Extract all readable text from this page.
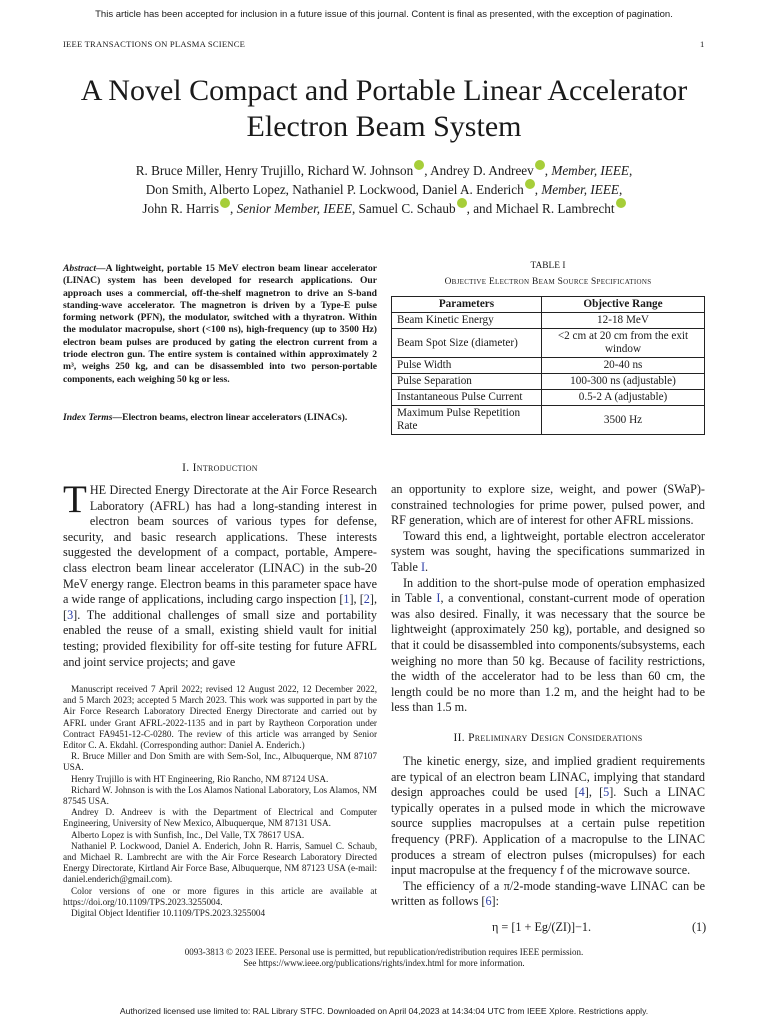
This article has been accepted for inclusion in a future issue of this journal. Content is final as presented, with the exception of pagination.
IEEE TRANSACTIONS ON PLASMA SCIENCE	1
A Novel Compact and Portable Linear Accelerator
Electron Beam System
R. Bruce Miller, Henry Trujillo, Richard W. Johnson , Andrey D. Andreev , Member, IEEE,
Don Smith, Alberto Lopez, Nathaniel P. Lockwood, Daniel A. Enderich , Member, IEEE,
John R. Harris , Senior Member, IEEE, Samuel C. Schaub , and Michael R. Lambrecht
Abstract—A lightweight, portable 15 MeV electron beam linear accelerator (LINAC) system has been developed for research applications. Our approach uses a commercial, off-the-shelf magnetron to drive an S-band standing-wave accelerator. The magnetron is driven by a Type-E pulse forming network (PFN), the modulator, switched with a thyratron. Within the modulator macropulse, short (<100 ns), high-frequency (up to 3500 Hz) electron beam pulses are produced by gating the electron current from a triode electron gun. The entire system is contained within approximately 2 m³, weighs 250 kg, and can be disassembled into two person-portable components, each weighing 50 kg or less.
Index Terms—Electron beams, electron linear accelerators (LINACs).
I. Introduction
THE Directed Energy Directorate at the Air Force Research Laboratory (AFRL) has had a long-standing interest in electron beam sources of various types for defense, security, and basic research applications. These interests suggested the development of a compact, portable, Ampere-class electron beam linear accelerator (LINAC) in the sub-20 MeV energy range. Electron beams in this parameter space have a wide range of applications, including cargo inspection [1], [2], [3]. The additional challenges of small size and portability enabled the reuse of a small, existing shield vault for initial testing; provided flexibility for off-site testing for future AFRL and joint service projects; and gave

Manuscript received 7 April 2022; revised 12 August 2022, 12 December 2022, and 5 March 2023; accepted 5 March 2023. This work was supported in part by the Air Force Research Laboratory Directed Energy Directorate and carried out by AFRL under Grant AFRL-2022-1135 and in part by Raytheon Corporation under Contract FA9451-12-C-0280. The review of this article was arranged by Senior Editor C. A. Ekdahl. (Corresponding author: Daniel A. Enderich.)

R. Bruce Miller and Don Smith are with Sem-Sol, Inc., Albuquerque, NM 87107 USA.

Henry Trujillo is with HT Engineering, Rio Rancho, NM 87124 USA.

Richard W. Johnson is with the Los Alamos National Laboratory, Los Alamos, NM 87545 USA.

Andrey D. Andreev is with the Department of Electrical and Computer Engineering, University of New Mexico, Albuquerque, NM 87131 USA.

Alberto Lopez is with Sunfish, Inc., Del Valle, TX 78617 USA.

Nathaniel P. Lockwood, Daniel A. Enderich, John R. Harris, Samuel C. Schaub, and Michael R. Lambrecht are with the Air Force Research Laboratory Directed Energy Directorate, Kirtland Air Force Base, Albuquerque, NM 87123 USA (e-mail: daniel.enderich@gmail.com).

Color versions of one or more figures in this article are available at https://doi.org/10.1109/TPS.2023.3255004.

Digital Object Identifier 10.1109/TPS.2023.3255004

TABLE I
Objective Electron Beam Source Specifications
Parameters	Objective Range
Beam Kinetic Energy	12-18 MeV
Beam Spot Size (diameter)	<2 cm at 20 cm from the exit window
Pulse Width	20-40 ns
Pulse Separation	100-300 ns (adjustable)
Instantaneous Pulse Current	0.5-2 A (adjustable)
Maximum Pulse Repetition Rate	3500 Hz

an opportunity to explore size, weight, and power (SWaP)-constrained technologies for prime power, pulsed power, and RF generation, which are of interest for other AFRL missions.

Toward this end, a lightweight, portable electron accelerator system was sought, having the specifications summarized in Table I.

In addition to the short-pulse mode of operation emphasized in Table I, a conventional, constant-current mode of operation was also desired. Finally, it was necessary that the source be lightweight (approximately 250 kg), portable, and designed so that it could be disassembled into components/subsystems, each weighing no more than 50 kg. Because of facility restrictions, the width of the accelerator had to be less than 60 cm, the length could be no more than 1.2 m, and the height had to be less than 1.5 m.

II. Preliminary Design Considerations

The kinetic energy, size, and implied gradient requirements are typical of an electron beam LINAC, implying that standard design approaches could be used [4], [5]. Such a LINAC typically operates in a pulsed mode in which the microwave source supplies macropulses at a certain pulse repetition frequency (PRF). Application of a macropulse to the LINAC produces a stream of electron pulses (micropulses) for each input macropulse at the frequency f of the microwave source.

The efficiency of a π/2-mode standing-wave LINAC can be written as follows [6]:

η = [1 + Eg/(ZI)]−1.	(1)
0093-3813 © 2023 IEEE. Personal use is permitted, but republication/redistribution requires IEEE permission.
See https://www.ieee.org/publications/rights/index.html for more information.
Authorized licensed use limited to: RAL Library STFC. Downloaded on April 04,2023 at 14:34:04 UTC from IEEE Xplore. Restrictions apply.
